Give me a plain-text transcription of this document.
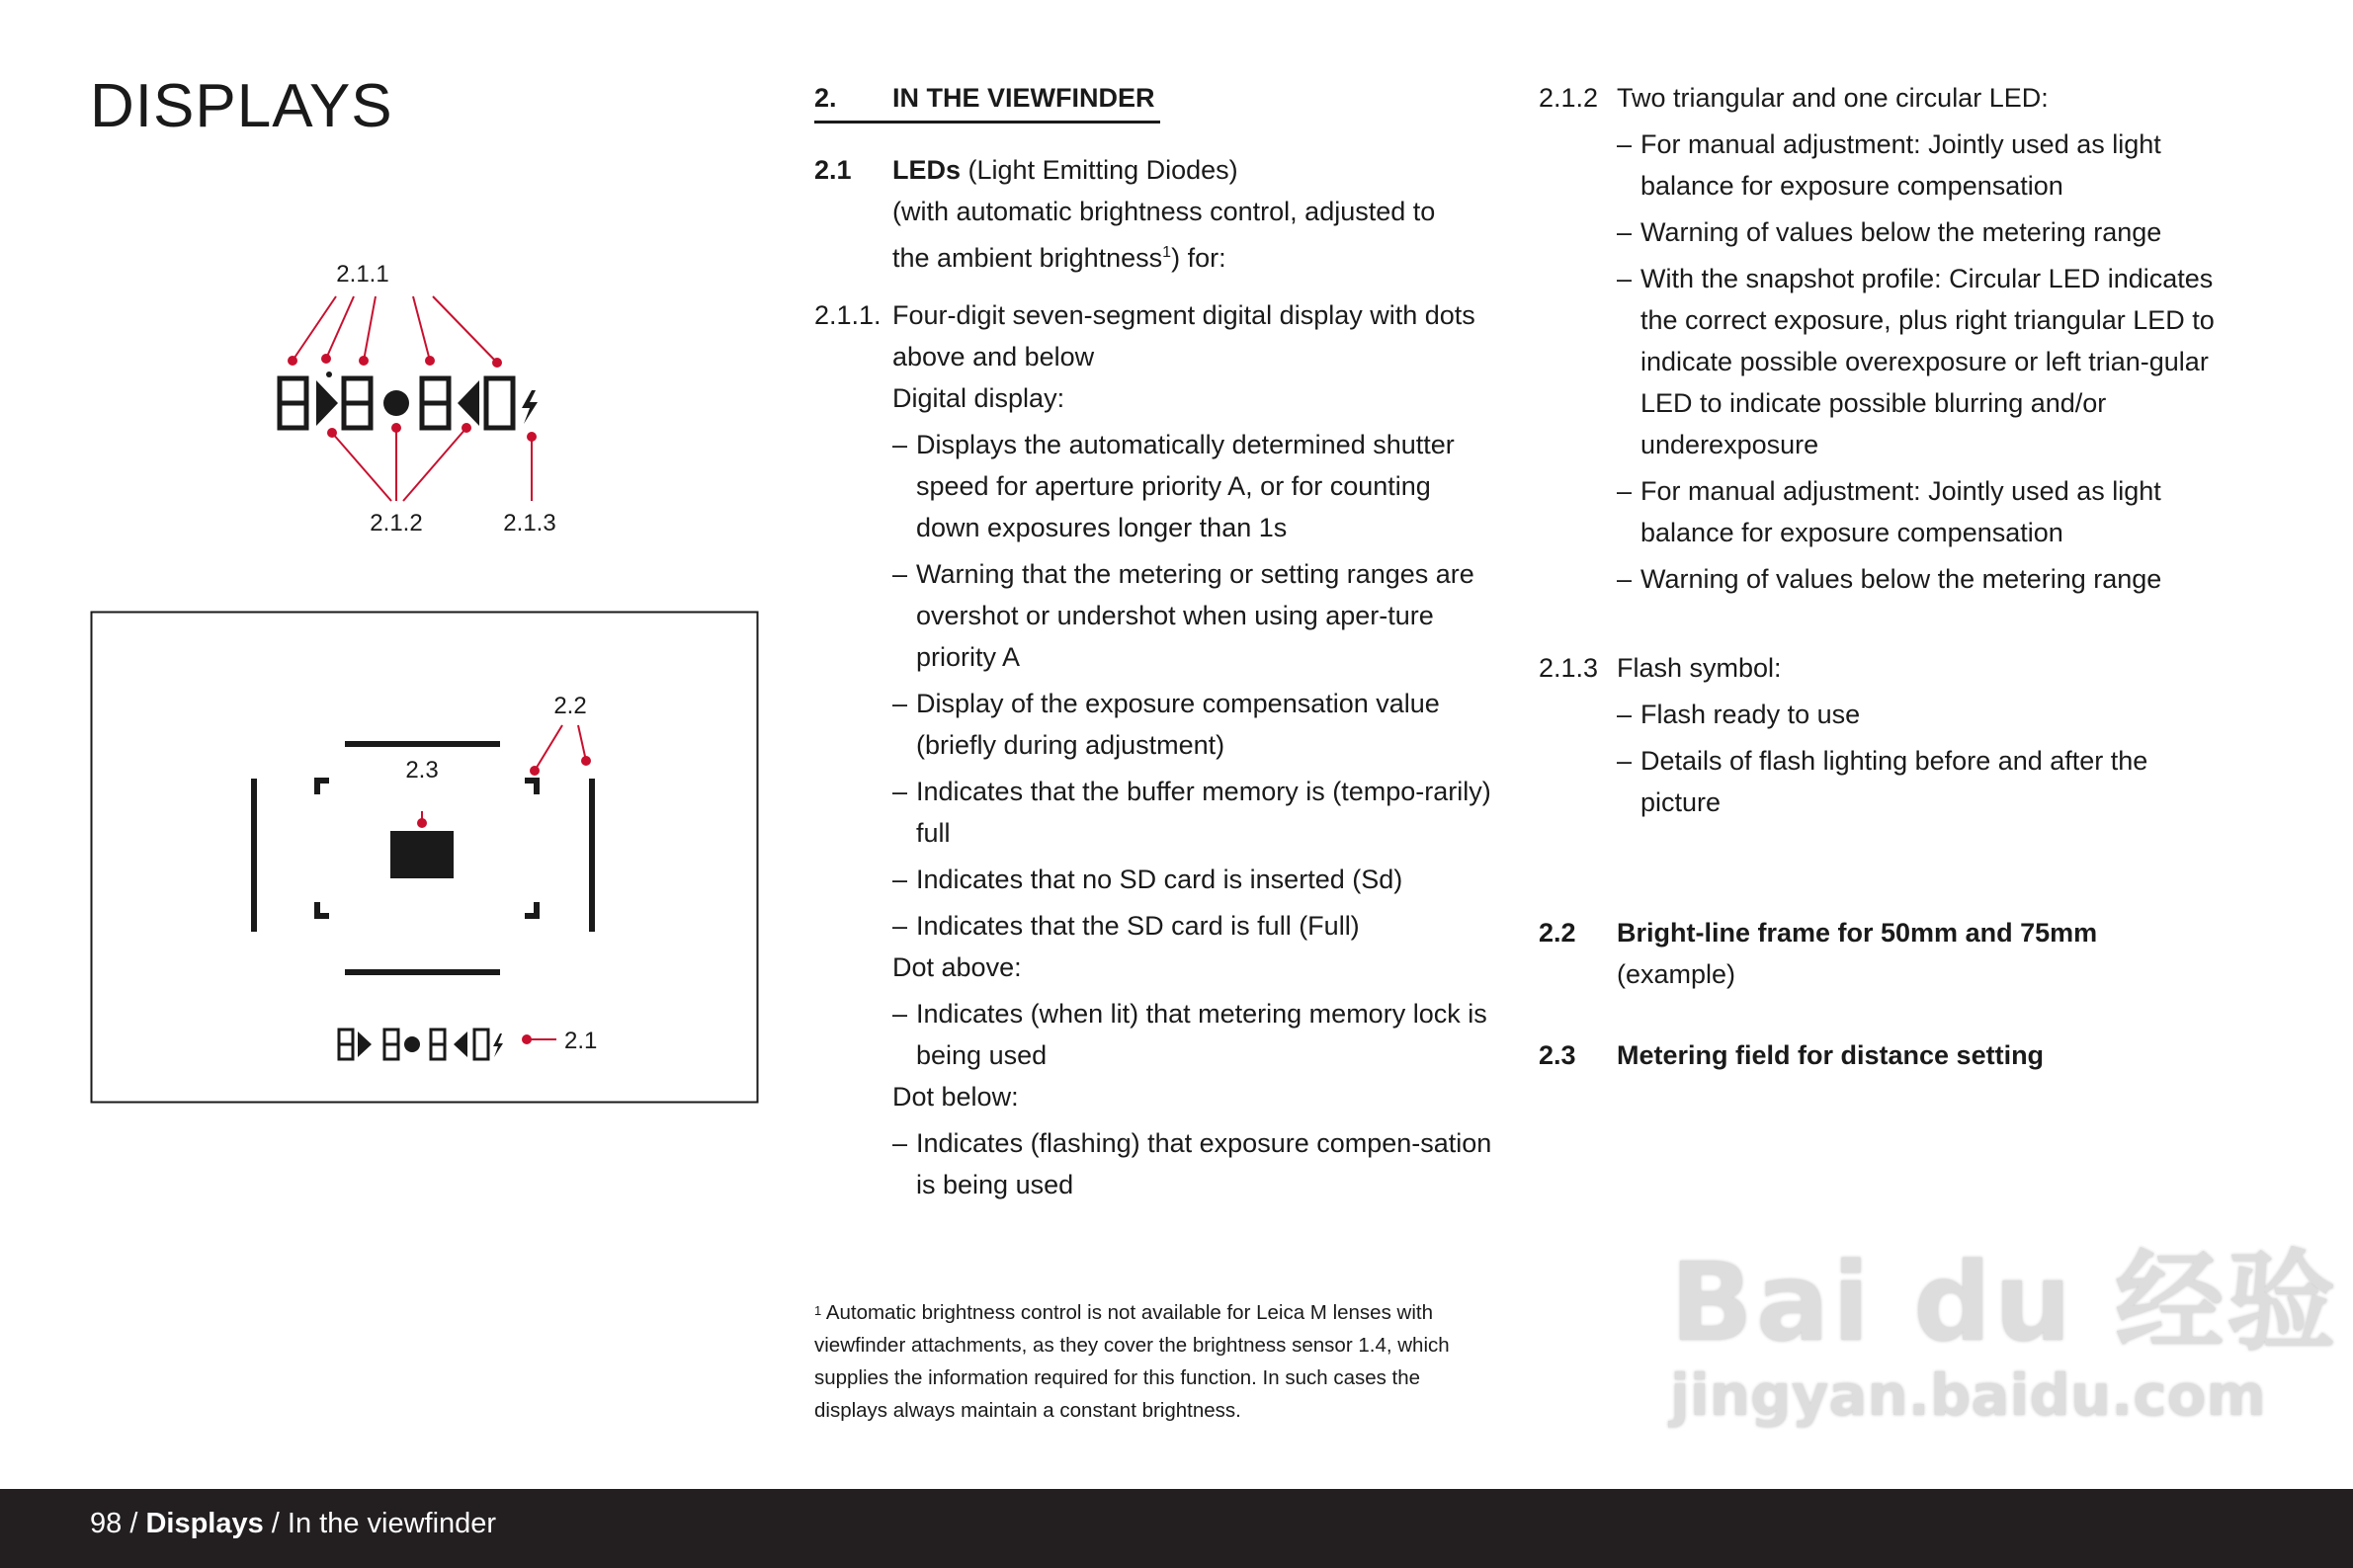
DISPLAYS
2.1.1
2.1.2	2.1.3
2.2
2.3
2.1
2.	IN THE VIEWFINDER
2.1	LEDs (Light Emitting Diodes)
(with automatic brightness control, adjusted to
the ambient brightness$^1$) for:
2.1.1. Four-digit seven-segment digital display with dots above and below
Digital display:
– Displays the automatically determined shutter speed for aperture priority A, or for counting down exposures longer than 1s
– Warning that the metering or setting ranges are overshot or undershot when using aper-ture priority A
– Display of the exposure compensation value (briefly during adjustment)
– Indicates that the buffer memory is (tempo-rarily) full
– Indicates that no SD card is inserted (Sd)
– Indicates that the SD card is full (Full)
Dot above:
– Indicates (when lit) that metering memory lock is being used
Dot below:
– Indicates (flashing) that exposure compen-sation is being used
$^1$ Automatic brightness control is not available for Leica M lenses with viewfinder attachments, as they cover the brightness sensor 1.4, which supplies the information required for this function. In such cases the displays always maintain a constant brightness.
2.1.2 Two triangular and one circular LED:
– For manual adjustment: Jointly used as light balance for exposure compensation
– Warning of values below the metering range
– With the snapshot profile: Circular LED indicates the correct exposure, plus right triangular LED to indicate possible overexposure or left trian-gular LED to indicate possible blurring and/or underexposure
– For manual adjustment: Jointly used as light balance for exposure compensation
– Warning of values below the metering range
2.1.3 Flash symbol:
– Flash ready to use
– Details of flash lighting before and after the picture
2.2	Bright-line frame for 50mm and 75mm
(example)
2.3	Metering field for distance setting
Bai du 经验
jingyan.baidu.com
98 / Displays / In the viewfinder
